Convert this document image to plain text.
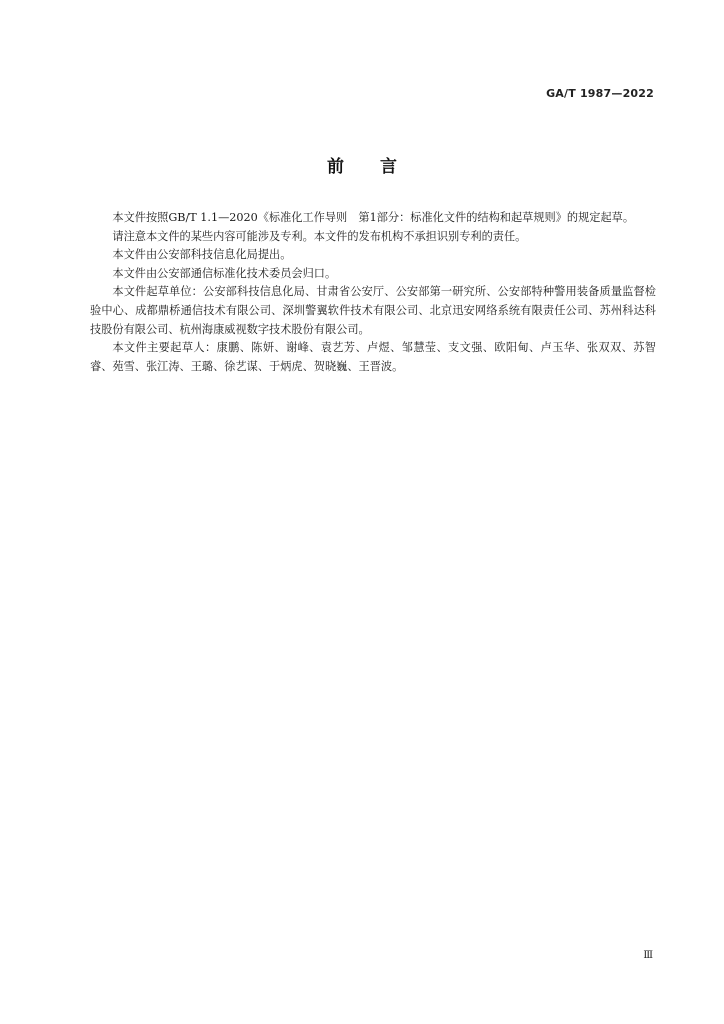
GA/T 1987—2022
前言

本文件按照GB/T 1.1—2020《标准化工作导则　第1部分：标准化文件的结构和起草规则》的规定起草。

请注意本文件的某些内容可能涉及专利。本文件的发布机构不承担识别专利的责任。

本文件由公安部科技信息化局提出。

本文件由公安部通信标准化技术委员会归口。

本文件起草单位：公安部科技信息化局、甘肃省公安厅、公安部第一研究所、公安部特种警用装备质量监督检验中心、成都鼎桥通信技术有限公司、深圳警翼软件技术有限公司、北京迅安网络系统有限责任公司、苏州科达科技股份有限公司、杭州海康威视数字技术股份有限公司。

本文件主要起草人：康鹏、陈妍、谢峰、袁艺芳、卢煜、邹慧莹、支文强、欧阳甸、卢玉华、张双双、苏智睿、苑雪、张江涛、王璐、徐艺谋、于炳虎、贺晓巍、王晋波。

Ⅲ
